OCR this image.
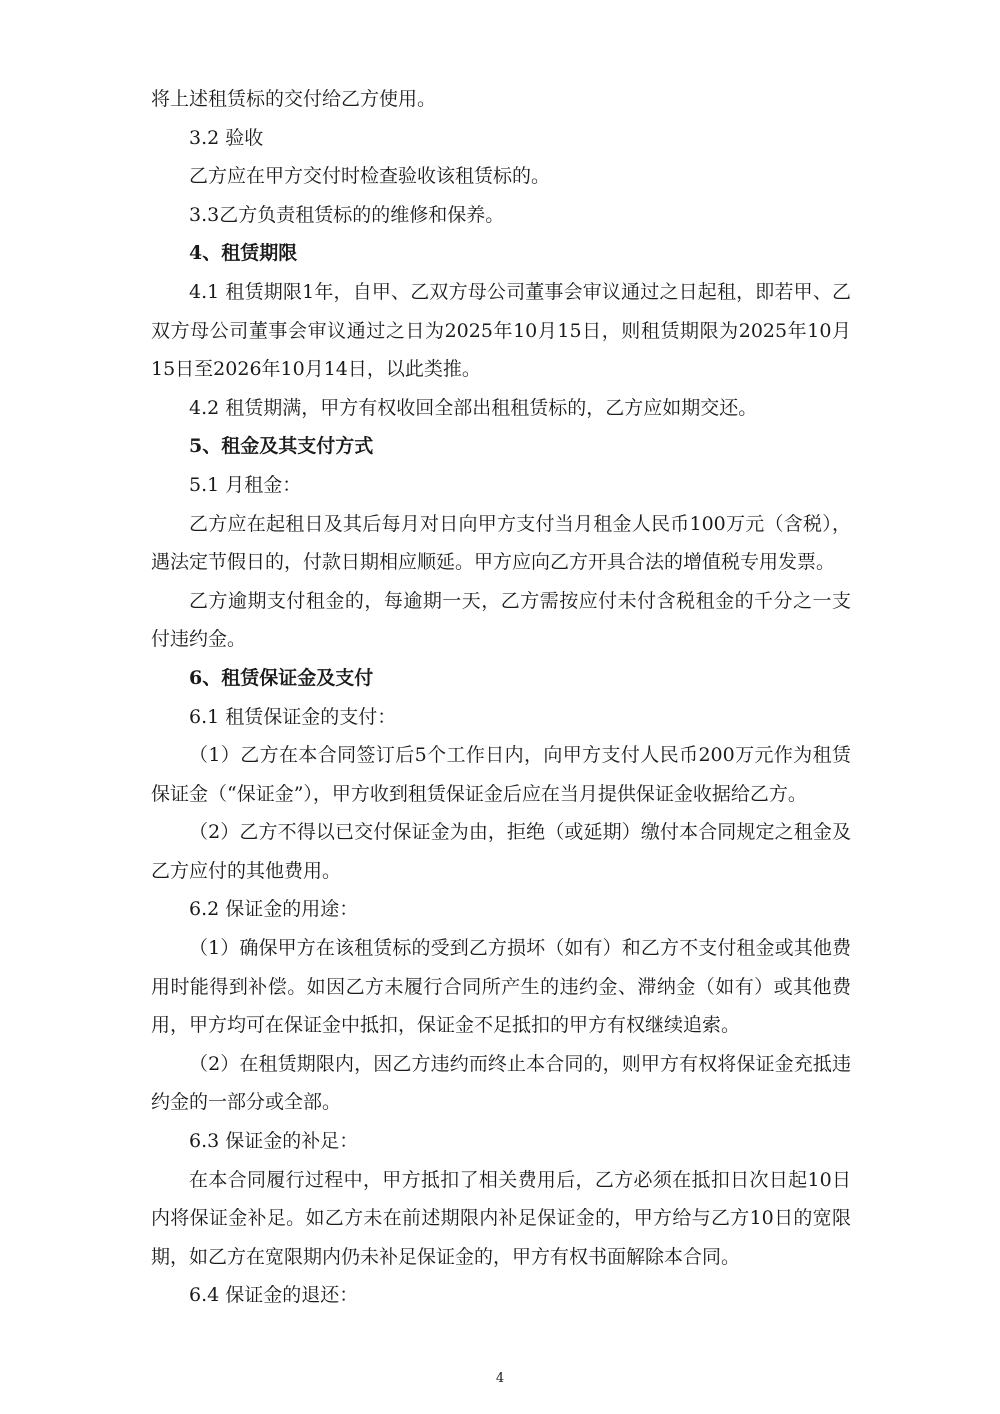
将上述租赁标的交付给乙方使用。

3.2 验收

乙方应在甲方交付时检查验收该租赁标的。

3.3乙方负责租赁标的的维修和保养。

4、租赁期限

4.1 租赁期限1年，自甲、乙双方母公司董事会审议通过之日起租，即若甲、乙双方母公司董事会审议通过之日为2025年10月15日，则租赁期限为2025年10月15日至2026年10月14日，以此类推。

4.2 租赁期满，甲方有权收回全部出租租赁标的，乙方应如期交还。

5、租金及其支付方式

5.1 月租金：

乙方应在起租日及其后每月对日向甲方支付当月租金人民币100万元（含税），遇法定节假日的，付款日期相应顺延。甲方应向乙方开具合法的增值税专用发票。

乙方逾期支付租金的，每逾期一天，乙方需按应付未付含税租金的千分之一支付违约金。

6、租赁保证金及支付

6.1 租赁保证金的支付：

（1）乙方在本合同签订后5个工作日内，向甲方支付人民币200万元作为租赁保证金（“保证金”），甲方收到租赁保证金后应在当月提供保证金收据给乙方。

（2）乙方不得以已交付保证金为由，拒绝（或延期）缴付本合同规定之租金及乙方应付的其他费用。

6.2 保证金的用途：

（1）确保甲方在该租赁标的受到乙方损坏（如有）和乙方不支付租金或其他费用时能得到补偿。如因乙方未履行合同所产生的违约金、滞纳金（如有）或其他费用，甲方均可在保证金中抵扣，保证金不足抵扣的甲方有权继续追索。

（2）在租赁期限内，因乙方违约而终止本合同的，则甲方有权将保证金充抵违约金的一部分或全部。

6.3 保证金的补足：

在本合同履行过程中，甲方抵扣了相关费用后，乙方必须在抵扣日次日起10日内将保证金补足。如乙方未在前述期限内补足保证金的，甲方给与乙方10日的宽限期，如乙方在宽限期内仍未补足保证金的，甲方有权书面解除本合同。

6.4 保证金的退还：

4
